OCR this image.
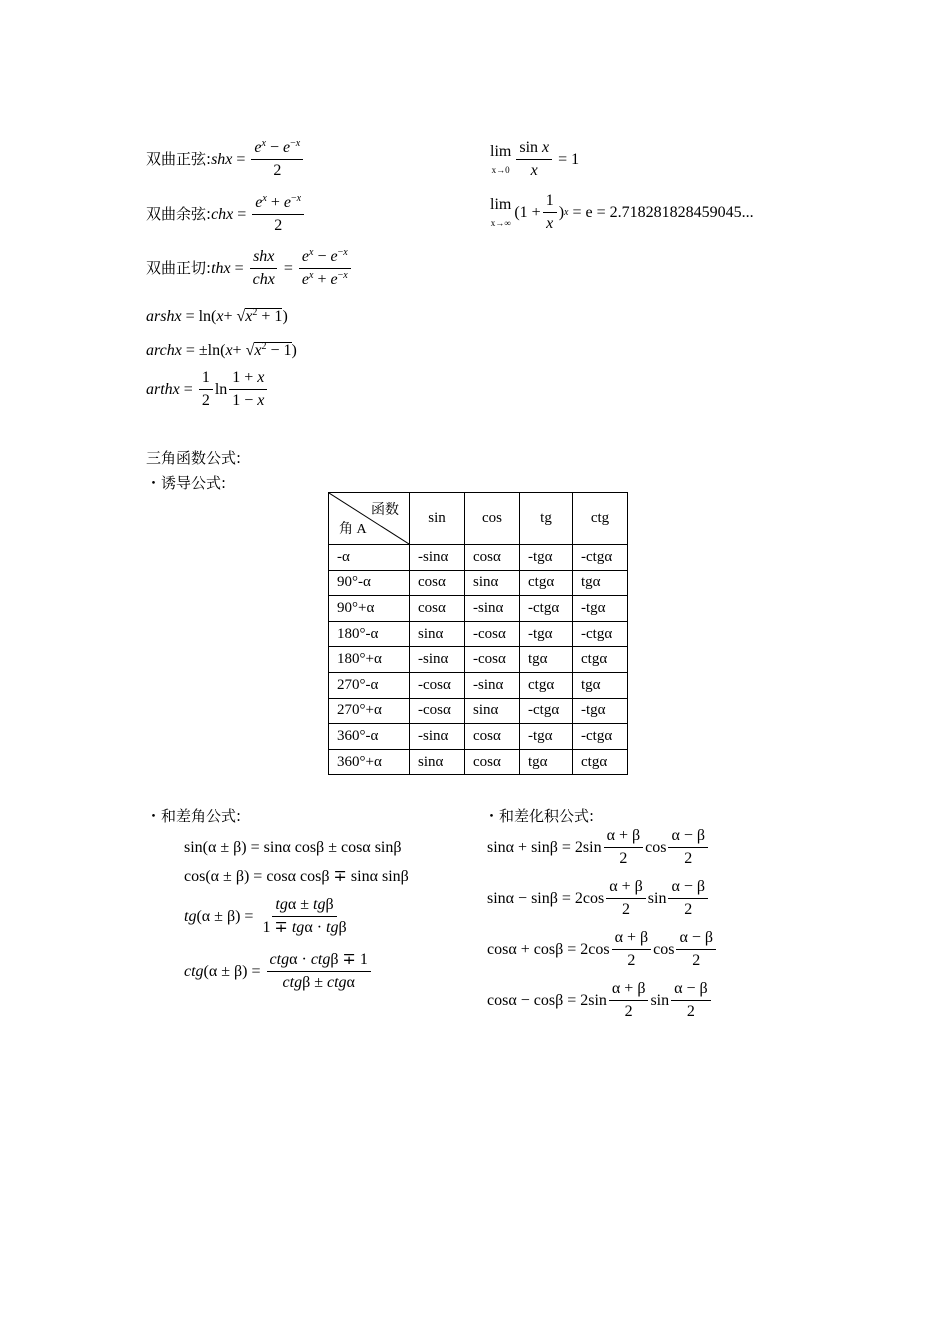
双曲正弦: shx = $\frac{e^x - e^{-x}}{2}$
双曲余弦: chx = $\frac{e^x + e^{-x}}{2}$
双曲正切: thx =
shx
chx
= $\frac{e^x - e^{-x}}{e^x + e^{-x}}$
arshx = ln( x + √ $x^2 + 1$ )
archx = ±ln( x + √ $x^2 - 1$ )
arthx = $\frac{1}{2}$ ln
1 + x
1 − x
lim
$x\to 0 \frac{\text{sin x}}{x} = 1$
lim
x→∞
(1 +
1
x
) x = e = 2.718281828459045...
三角函数公式:
・诱导公式:
函数
角 A	sin	cos	tg	ctg
-α	-sinα	cosα	-tgα	-ctgα
90°-α	cosα	sinα	ctgα	tgα
90°+α	cosα	-sinα	-ctgα	-tgα
180°-α	sinα	-cosα	-tgα	-ctgα
180°+α	-sinα	-cosα	tgα	ctgα
270°-α	-cosα	-sinα	ctgα	tgα
270°+α	-cosα	sinα	-ctgα	-tgα
360°-α	-sinα	cosα	-tgα	-ctgα
360°+α	sinα	cosα	tgα	ctgα
・和差角公式:
sin(α ± β) = sinα cosβ ± cosα sinβ
cos(α ± β) = cosα cosβ ∓ sinα sinβ
tg (α ± β) =
tgα ± tgβ
1 ∓ tgα · tgβ
ctg (α ± β) =
ctgα · ctgβ ∓ 1
ctgβ ± ctgα
・和差化积公式:
$\sin\alpha + \sin\beta = 2\sin \frac{\alpha + \beta}{2}$ cos
α − β
2
$\sin\alpha - \sin\beta = 2\cos \frac{\alpha + \beta}{2}$ sin
α − β
2
$\cos\alpha + \cos\beta = 2\cos \frac{\alpha + \beta}{2}$ cos
α − β
2
$\cos\alpha - \cos\beta = 2\sin \frac{\alpha + \beta}{2}$ sin
α − β
2
